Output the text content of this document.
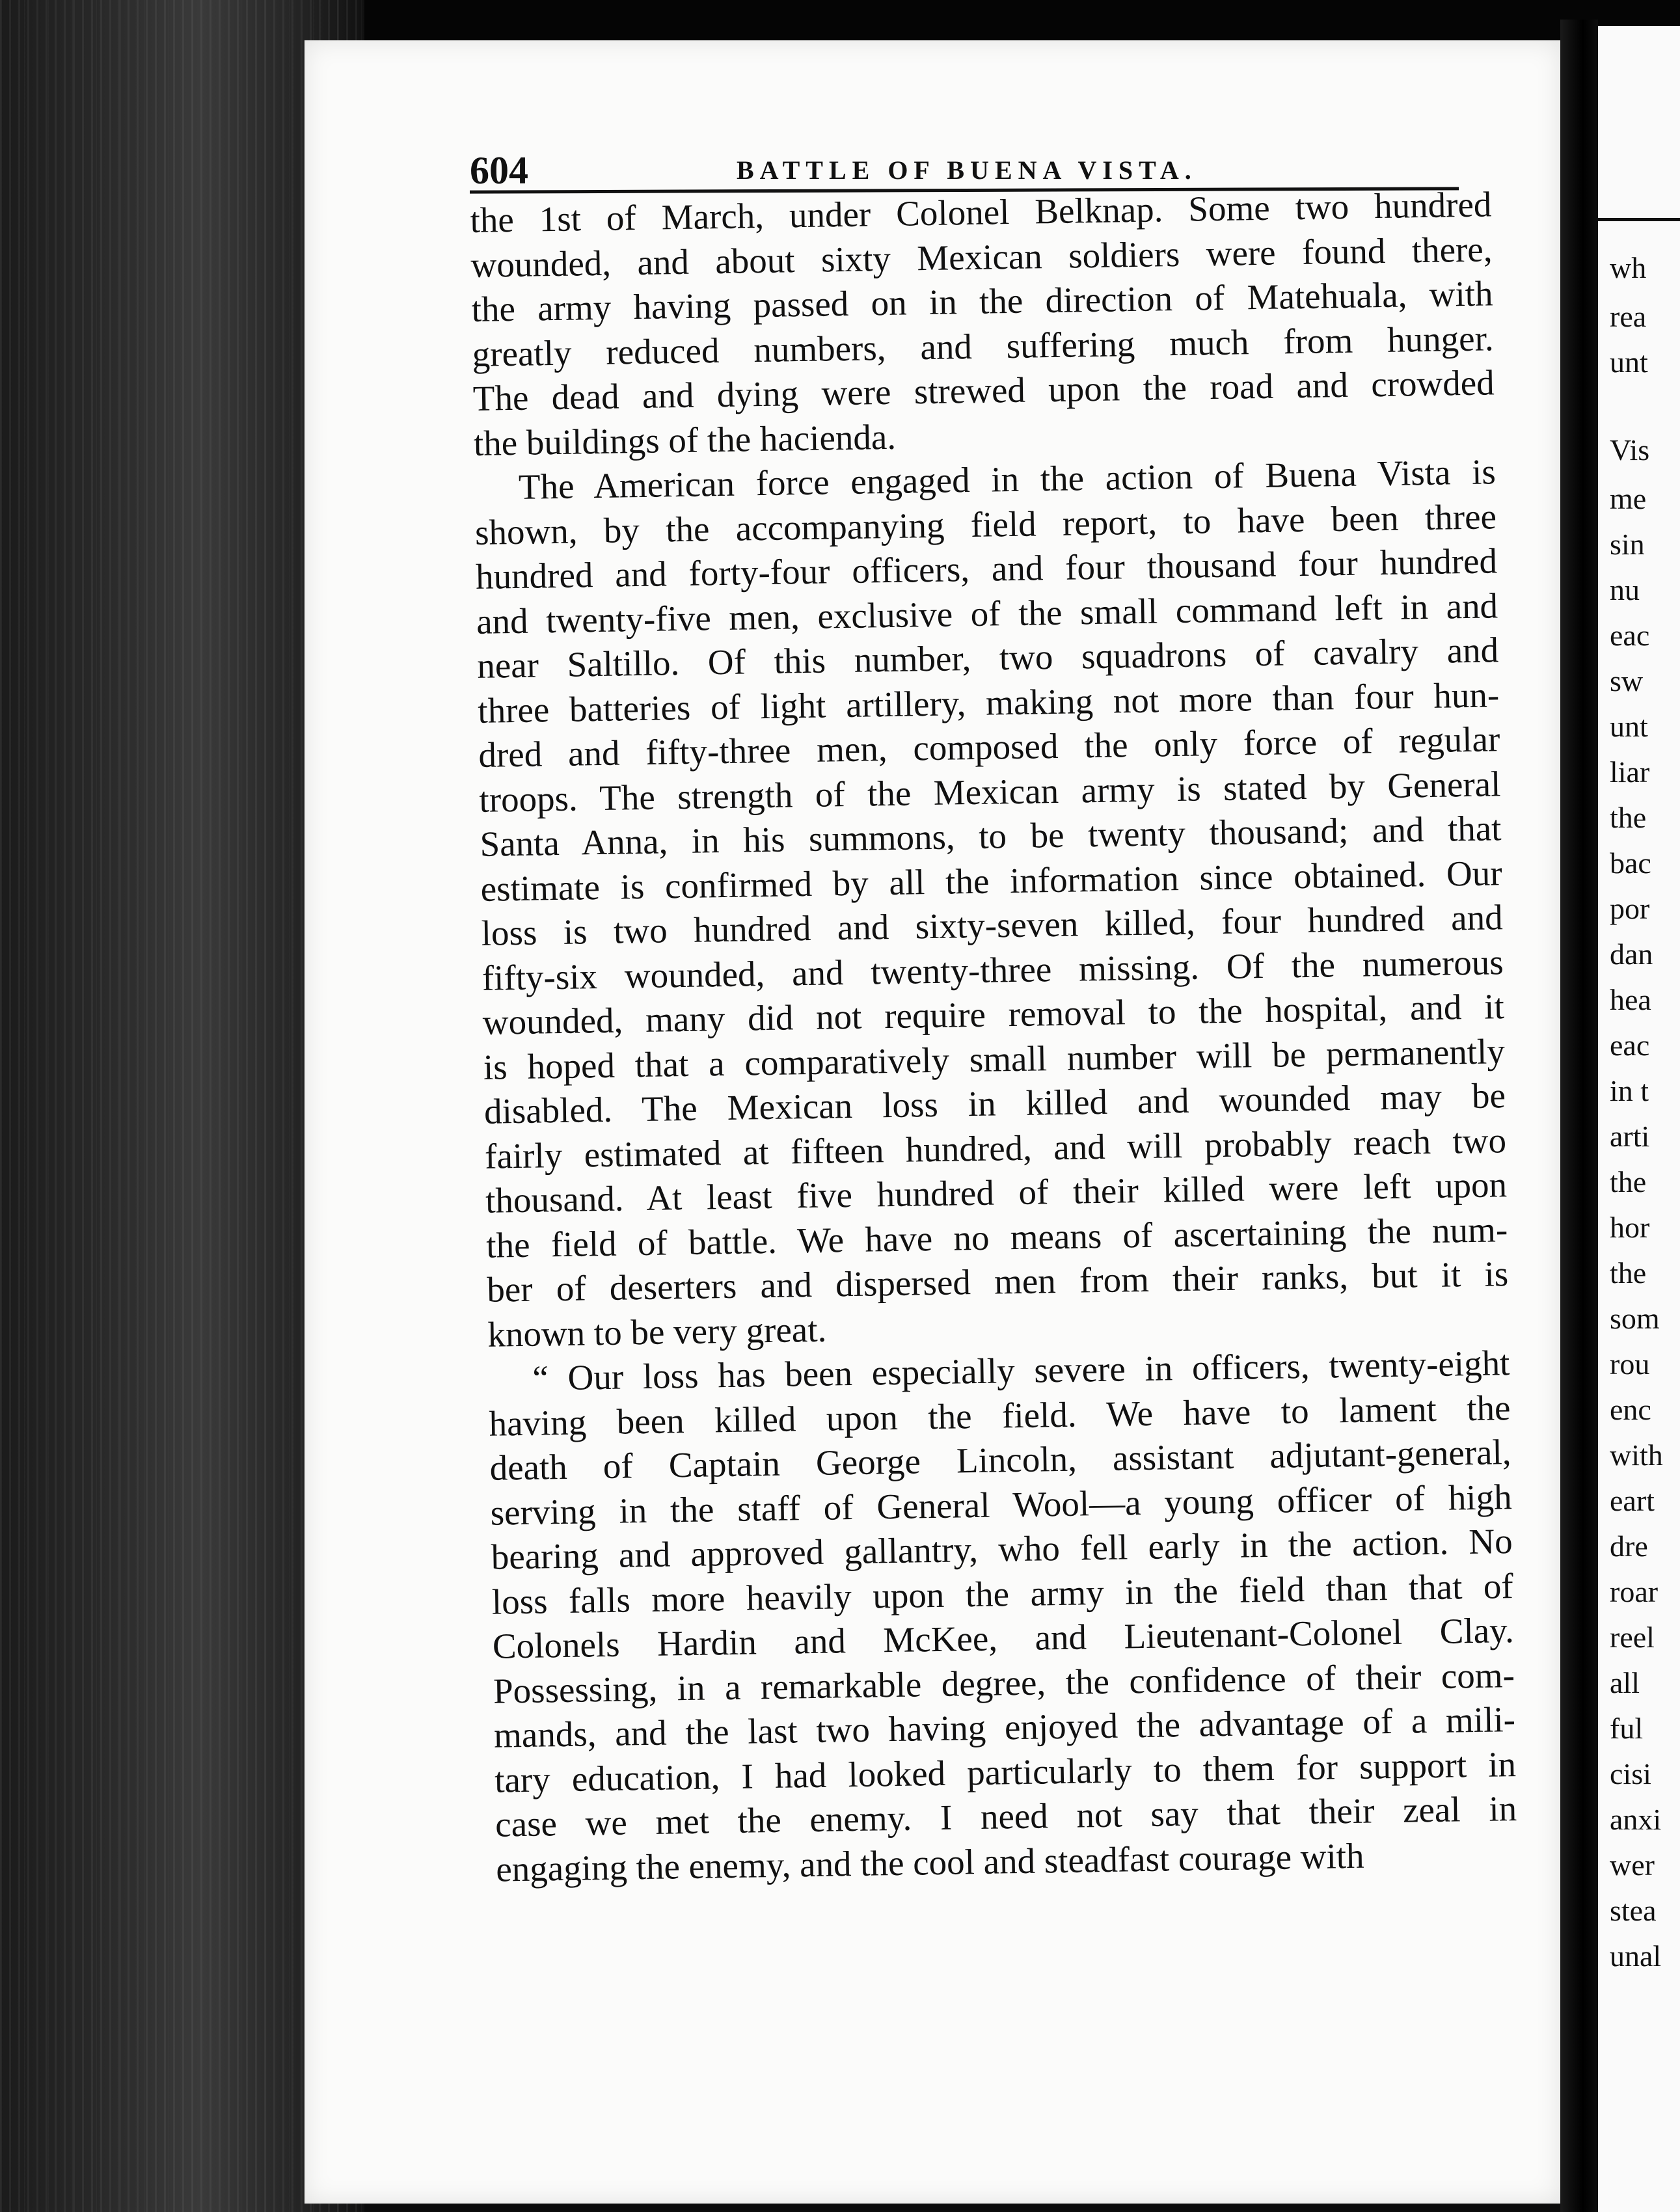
wh
rea
unt
Vis
me
sin
nu
eac
sw
unt
liar
the
bac
por
dan
hea
eac
in t
arti
the
hor
the
som
rou
enc
with
eart
dre
roar
reel
all
ful
cisi
anxi
wer
stea
unal
604	BATTLE OF BUENA VISTA.
the 1st of March, under Colonel Belknap. Some two hundred
wounded, and about sixty Mexican soldiers were found there,
the army having passed on in the direction of Matehuala, with
greatly reduced numbers, and suffering much from hunger.
The dead and dying were strewed upon the road and crowded
the buildings of the hacienda.
The American force engaged in the action of Buena Vista is
shown, by the accompanying field report, to have been three
hundred and forty-four officers, and four thousand four hundred
and twenty-five men, exclusive of the small command left in and
near Saltillo. Of this number, two squadrons of cavalry and
three batteries of light artillery, making not more than four hun-
dred and fifty-three men, composed the only force of regular
troops. The strength of the Mexican army is stated by General
Santa Anna, in his summons, to be twenty thousand; and that
estimate is confirmed by all the information since obtained. Our
loss is two hundred and sixty-seven killed, four hundred and
fifty-six wounded, and twenty-three missing. Of the numerous
wounded, many did not require removal to the hospital, and it
is hoped that a comparatively small number will be permanently
disabled. The Mexican loss in killed and wounded may be
fairly estimated at fifteen hundred, and will probably reach two
thousand. At least five hundred of their killed were left upon
the field of battle. We have no means of ascertaining the num-
ber of deserters and dispersed men from their ranks, but it is
known to be very great.
“ Our loss has been especially severe in officers, twenty-eight
having been killed upon the field. We have to lament the
death of Captain George Lincoln, assistant adjutant-general,
serving in the staff of General Wool—a young officer of high
bearing and approved gallantry, who fell early in the action. No
loss falls more heavily upon the army in the field than that of
Colonels Hardin and McKee, and Lieutenant-Colonel Clay.
Possessing, in a remarkable degree, the confidence of their com-
mands, and the last two having enjoyed the advantage of a mili-
tary education, I had looked particularly to them for support in
case we met the enemy. I need not say that their zeal in
engaging the enemy, and the cool and steadfast courage with
